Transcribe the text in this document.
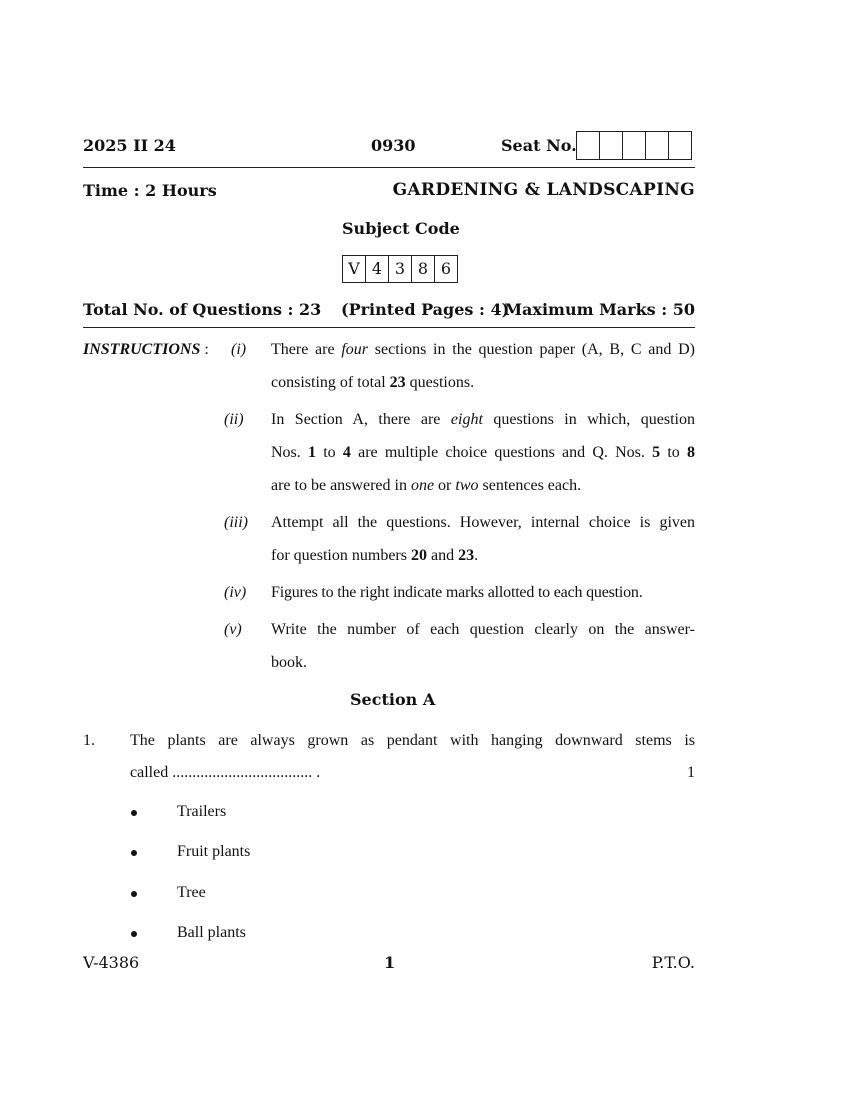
2025 II 24	0930	Seat No.
Time : 2 Hours	GARDENING & LANDSCAPING
Subject Code
V 4 3 8 6
Total No. of Questions : 23 (Printed Pages : 4)
Maximum Marks : 50
INSTRUCTIONS : (i) There are four sections in the question paper (A, B, C and D)
consisting of total 23 questions.
(ii) In Section A, there are eight questions in which, question
Nos. 1 to 4 are multiple choice questions and Q. Nos. 5 to 8
are to be answered in one or two sentences each.
(iii) Attempt all the questions. However, internal choice is given
for question numbers 20 and 23.
(iv) Figures to the right indicate marks allotted to each question.
(v) Write the number of each question clearly on the answer-
book.
Section A
1. The plants are always grown as pendant with hanging downward stems is
called ................................... .	1
Trailers
Fruit plants
Tree
Ball plants
V-4386	1	P.T.O.
